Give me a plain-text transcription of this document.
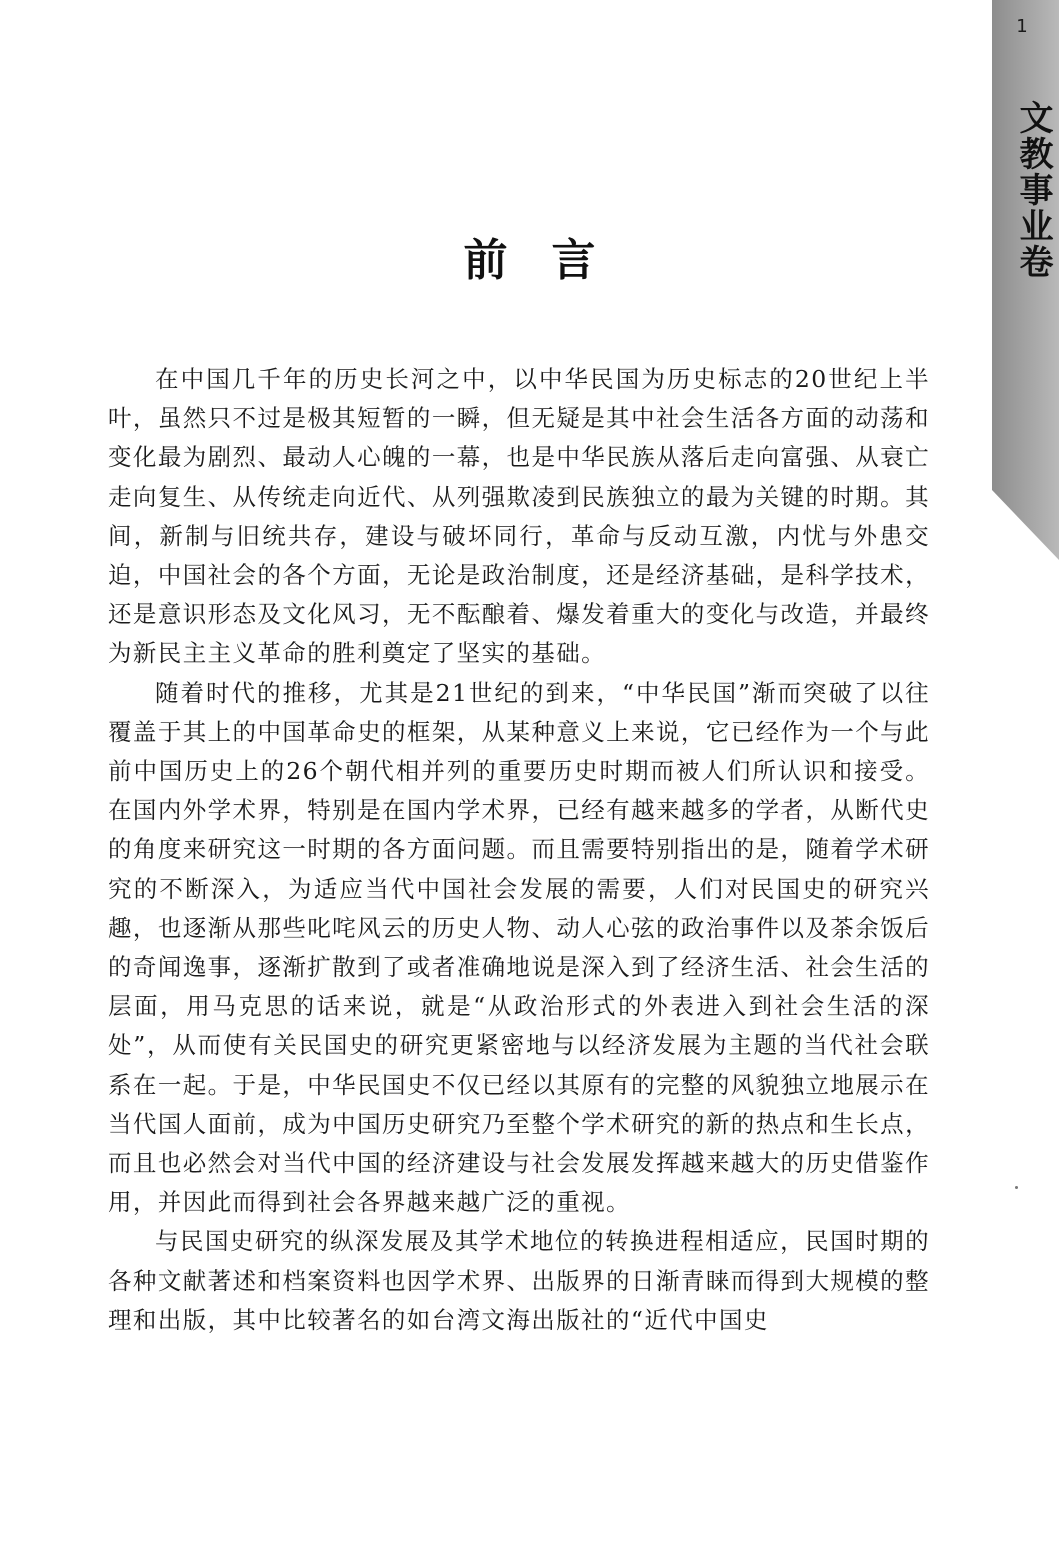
1
文教事业卷
前言

在中国几千年的历史长河之中，以中华民国为历史标志的20世纪上半叶，虽然只不过是极其短暂的一瞬，但无疑是其中社会生活各方面的动荡和变化最为剧烈、最动人心魄的一幕，也是中华民族从落后走向富强、从衰亡走向复生、从传统走向近代、从列强欺凌到民族独立的最为关键的时期。其间，新制与旧统共存，建设与破坏同行，革命与反动互激，内忧与外患交迫，中国社会的各个方面，无论是政治制度，还是经济基础，是科学技术，还是意识形态及文化风习，无不酝酿着、爆发着重大的变化与改造，并最终为新民主主义革命的胜利奠定了坚实的基础。

随着时代的推移，尤其是21世纪的到来，“中华民国”渐而突破了以往覆盖于其上的中国革命史的框架，从某种意义上来说，它已经作为一个与此前中国历史上的26个朝代相并列的重要历史时期而被人们所认识和接受。在国内外学术界，特别是在国内学术界，已经有越来越多的学者，从断代史的角度来研究这一时期的各方面问题。而且需要特别指出的是，随着学术研究的不断深入，为适应当代中国社会发展的需要，人们对民国史的研究兴趣，也逐渐从那些叱咤风云的历史人物、动人心弦的政治事件以及茶余饭后的奇闻逸事，逐渐扩散到了或者准确地说是深入到了经济生活、社会生活的层面，用马克思的话来说，就是“从政治形式的外表进入到社会生活的深处”，从而使有关民国史的研究更紧密地与以经济发展为主题的当代社会联系在一起。于是，中华民国史不仅已经以其原有的完整的风貌独立地展示在当代国人面前，成为中国历史研究乃至整个学术研究的新的热点和生长点，而且也必然会对当代中国的经济建设与社会发展发挥越来越大的历史借鉴作用，并因此而得到社会各界越来越广泛的重视。

与民国史研究的纵深发展及其学术地位的转换进程相适应，民国时期的各种文献著述和档案资料也因学术界、出版界的日渐青睐而得到大规模的整理和出版，其中比较著名的如台湾文海出版社的“近代中国史
